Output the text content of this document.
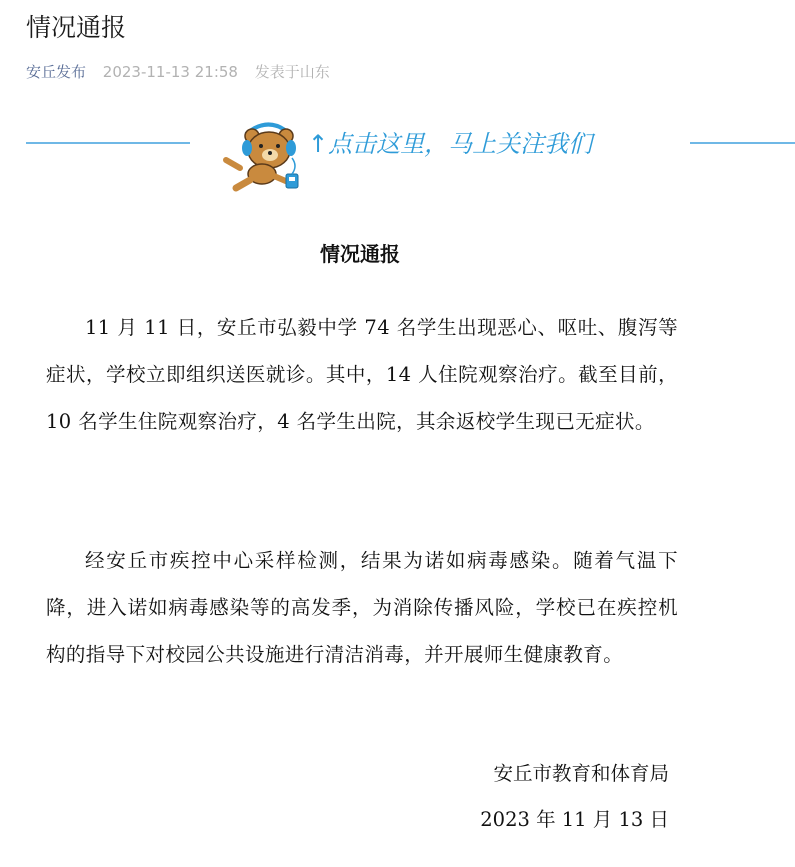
情况通报
安丘发布 2023-11-13 21:58 发表于山东
↑点击这里，马上关注我们
情况通报
11 月 11 日，安丘市弘毅中学 74 名学生出现恶心、呕吐、腹泻等症状，学校立即组织送医就诊。其中，14 人住院观察治疗。截至目前，10 名学生住院观察治疗，4 名学生出院，其余返校学生现已无症状。
经安丘市疾控中心采样检测，结果为诺如病毒感染。随着气温下降，进入诺如病毒感染等的高发季，为消除传播风险，学校已在疾控机构的指导下对校园公共设施进行清洁消毒，并开展师生健康教育。
安丘市教育和体育局
2023 年 11 月 13 日
